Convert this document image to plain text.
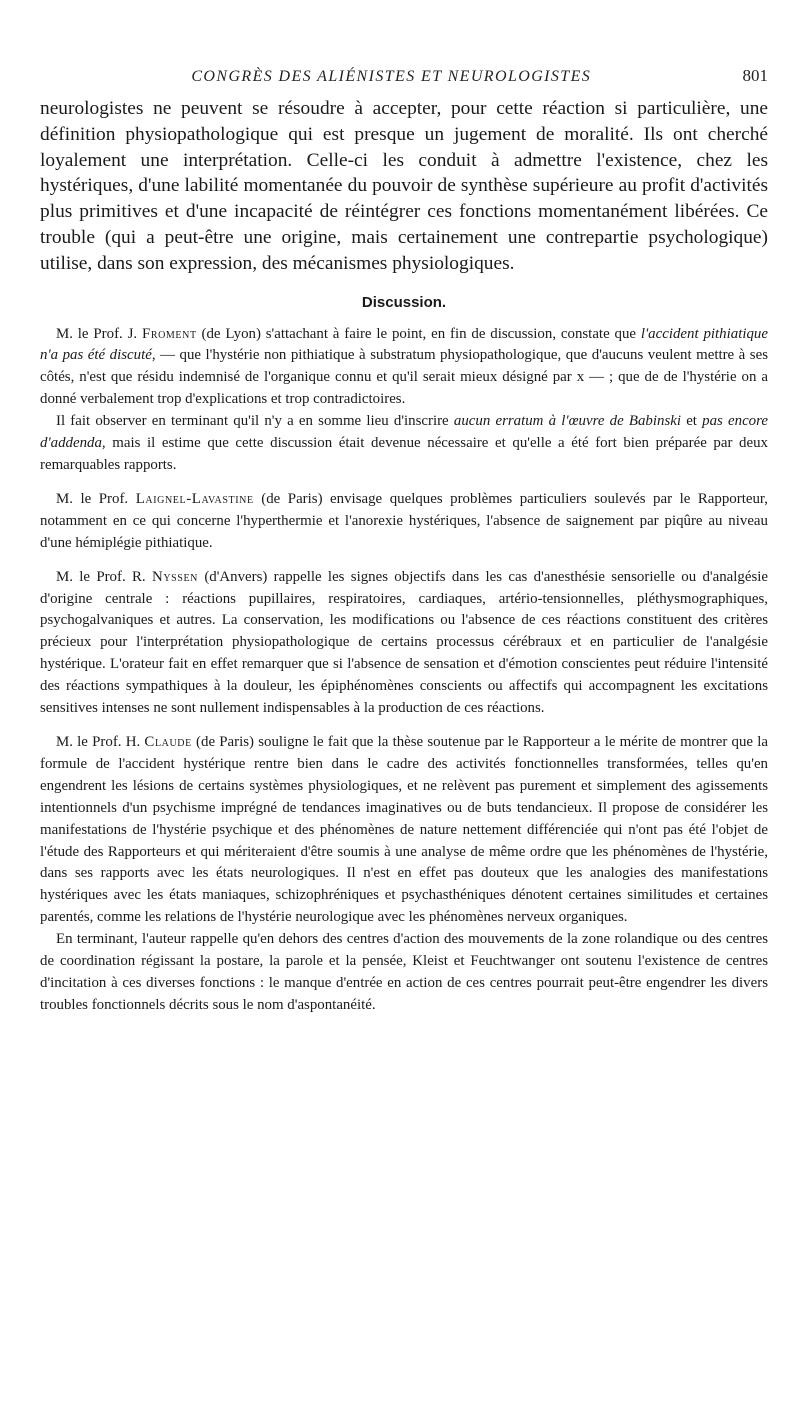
CONGRÈS DES ALIÉNISTES ET NEUROLOGISTES	801

neurologistes ne peuvent se résoudre à accepter, pour cette réaction si particulière, une définition physiopathologique qui est presque un jugement de moralité. Ils ont cherché loyalement une interprétation. Celle-ci les conduit à admettre l'existence, chez les hystériques, d'une labilité momentanée du pouvoir de synthèse supérieure au profit d'activités plus primitives et d'une incapacité de réintégrer ces fonctions momentanément libérées. Ce trouble (qui a peut-être une origine, mais certainement une contrepartie psychologique) utilise, dans son expression, des mécanismes physiologiques.

Discussion.

M. le Prof. J. Froment (de Lyon) s'attachant à faire le point, en fin de discussion, constate que l'accident pithiatique n'a pas été discuté, — que l'hystérie non pithiatique à substratum physiopathologique, que d'aucuns veulent mettre à ses côtés, n'est que résidu indemnisé de l'organique connu et qu'il serait mieux désigné par x — ; que de de l'hystérie on a donné verbalement trop d'explications et trop contradictoires.

Il fait observer en terminant qu'il n'y a en somme lieu d'inscrire aucun erratum à l'œuvre de Babinski et pas encore d'addenda, mais il estime que cette discussion était devenue nécessaire et qu'elle a été fort bien préparée par deux remarquables rapports.

M. le Prof. Laignel-Lavastine (de Paris) envisage quelques problèmes particuliers soulevés par le Rapporteur, notamment en ce qui concerne l'hyperthermie et l'anorexie hystériques, l'absence de saignement par piqûre au niveau d'une hémiplégie pithiatique.

M. le Prof. R. Nyssen (d'Anvers) rappelle les signes objectifs dans les cas d'anesthésie sensorielle ou d'analgésie d'origine centrale : réactions pupillaires, respiratoires, cardiaques, artério-tensionnelles, pléthysmographiques, psychogalvaniques et autres. La conservation, les modifications ou l'absence de ces réactions constituent des critères précieux pour l'interprétation physiopathologique de certains processus cérébraux et en particulier de l'analgésie hystérique. L'orateur fait en effet remarquer que si l'absence de sensation et d'émotion conscientes peut réduire l'intensité des réactions sympathiques à la douleur, les épiphénomènes conscients ou affectifs qui accompagnent les excitations sensitives intenses ne sont nullement indispensables à la production de ces réactions.

M. le Prof. H. Claude (de Paris) souligne le fait que la thèse soutenue par le Rapporteur a le mérite de montrer que la formule de l'accident hystérique rentre bien dans le cadre des activités fonctionnelles transformées, telles qu'en engendrent les lésions de certains systèmes physiologiques, et ne relèvent pas purement et simplement des agissements intentionnels d'un psychisme imprégné de tendances imaginatives ou de buts tendancieux. Il propose de considérer les manifestations de l'hystérie psychique et des phénomènes de nature nettement différenciée qui n'ont pas été l'objet de l'étude des Rapporteurs et qui mériteraient d'être soumis à une analyse de même ordre que les phénomènes de l'hystérie, dans ses rapports avec les états neurologiques. Il n'est en effet pas douteux que les analogies des manifestations hystériques avec les états maniaques, schizophréniques et psychasthéniques dénotent certaines similitudes et certaines parentés, comme les relations de l'hystérie neurologique avec les phénomènes nerveux organiques.

En terminant, l'auteur rappelle qu'en dehors des centres d'action des mouvements de la zone rolandique ou des centres de coordination régissant la postare, la parole et la pensée, Kleist et Feuchtwanger ont soutenu l'existence de centres d'incitation à ces diverses fonctions : le manque d'entrée en action de ces centres pourrait peut-être engendrer les divers troubles fonctionnels décrits sous le nom d'aspontanéité.
